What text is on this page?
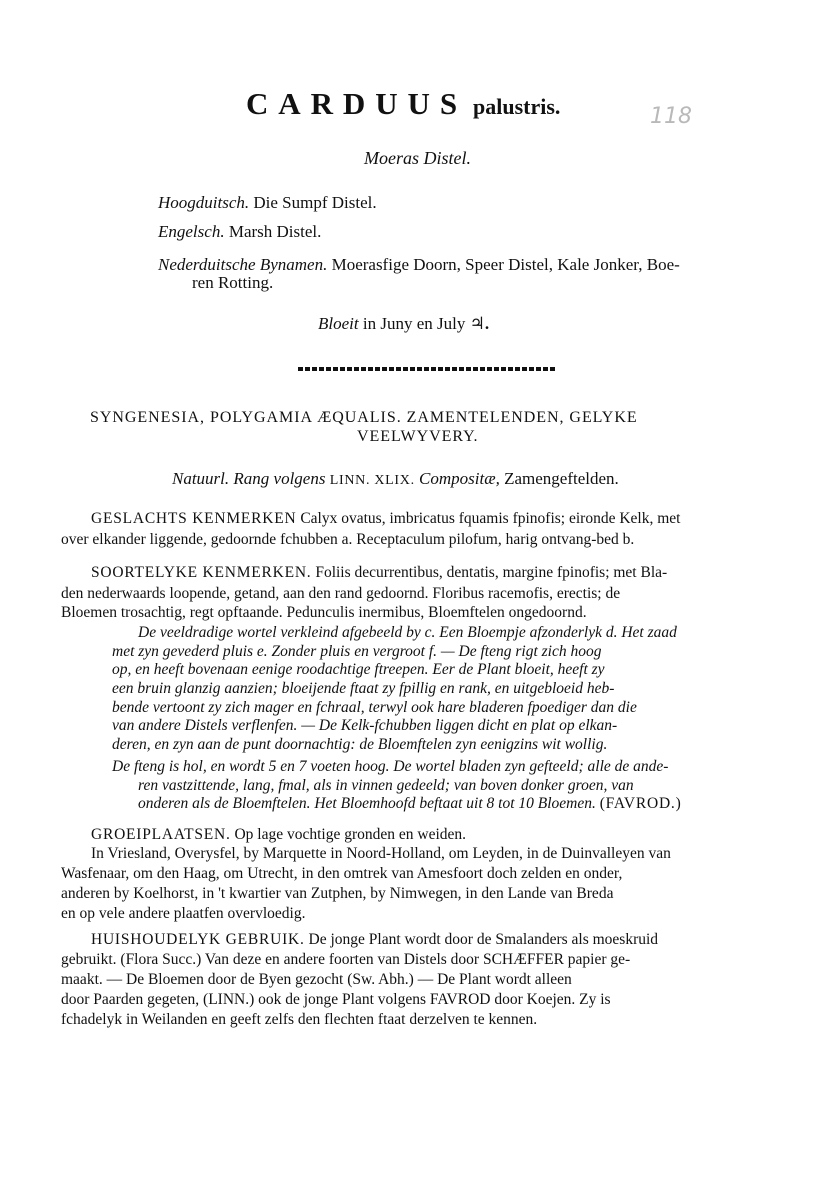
CARDUUS palustris.	118
Moeras Distel.
Hoogduitsch. Die Sumpf Distel.
Engelsch. Marsh Distel.
Nederduitsche Bynamen. Moerasfige Doorn, Speer Distel, Kale Jonker, Boe-
ren Rotting.
Bloeit in Juny en July ♃.
SYNGENESIA, POLYGAMIA ÆQUALIS. ZAMENTELENDEN, GELYKE
VEELWYVERY.
Natuurl. Rang volgens LINN. XLIX. Compositæ, Zamengeftelden.
GESLACHTS KENMERKEN Calyx ovatus, imbricatus fquamis fpinofis; eironde Kelk, met
over elkander liggende, gedoornde fchubben a. Receptaculum pilofum, harig ontvang-bed b.
SOORTELYKE KENMERKEN. Foliis decurrentibus, dentatis, margine fpinofis; met Bla-
den nederwaards loopende, getand, aan den rand gedoornd. Floribus racemofis, erectis; de
Bloemen trosachtig, regt opftaande. Pedunculis inermibus, Bloemftelen ongedoornd.
De veeldradige wortel verkleind afgebeeld by c. Een Bloempje afzonderlyk d. Het zaad
met zyn gevederd pluis e. Zonder pluis en vergroot f. — De fteng rigt zich hoog
op, en heeft bovenaan eenige roodachtige ftreepen. Eer de Plant bloeit, heeft zy
een bruin glanzig aanzien; bloeijende ftaat zy fpillig en rank, en uitgebloeid heb-
bende vertoont zy zich mager en fchraal, terwyl ook hare bladeren fpoediger dan die
van andere Distels verflenfen. — De Kelk-fchubben liggen dicht en plat op elkan-
deren, en zyn aan de punt doornachtig: de Bloemftelen zyn eenigzins wit wollig.
De fteng is hol, en wordt 5 en 7 voeten hoog. De wortel bladen zyn gefteeld; alle de ande-
ren vastzittende, lang, fmal, als in vinnen gedeeld; van boven donker groen, van
onderen als de Bloemftelen. Het Bloemhoofd beftaat uit 8 tot 10 Bloemen. (FAVROD.)
GROEIPLAATSEN. Op lage vochtige gronden en weiden.
In Vriesland, Overysfel, by Marquette in Noord-Holland, om Leyden, in de Duinvalleyen van
Wasfenaar, om den Haag, om Utrecht, in den omtrek van Amesfoort doch zelden en onder,
anderen by Koelhorst, in 't kwartier van Zutphen, by Nimwegen, in den Lande van Breda
en op vele andere plaatfen overvloedig.
HUISHOUDELYK GEBRUIK. De jonge Plant wordt door de Smalanders als moeskruid
gebruikt. (Flora Succ.) Van deze en andere foorten van Distels door SCHÆFFER papier ge-
maakt. — De Bloemen door de Byen gezocht (Sw. Abh.) — De Plant wordt alleen
door Paarden gegeten, (LINN.) ook de jonge Plant volgens FAVROD door Koejen. Zy is
fchadelyk in Weilanden en geeft zelfs den flechten ftaat derzelven te kennen.
